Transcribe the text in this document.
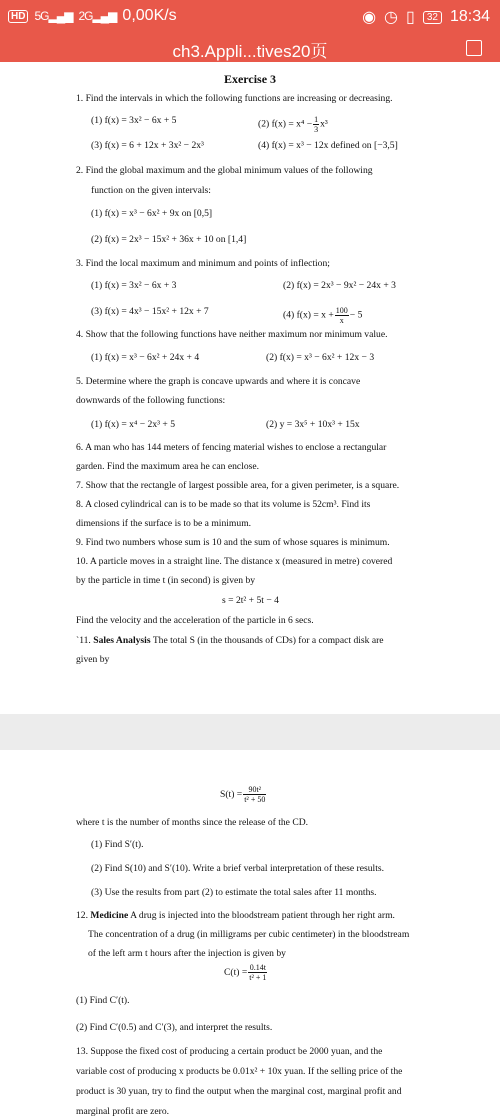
HD 5G▂▄▆ 2G▂▄▆ 0,00K/s	◉ ◷ ▯	32 18:34
ch3.Appli...tives20页
Exercise 3
1. Find the intervals in which the following functions are increasing or decreasing.
(1) f(x) = 3x² − 6x + 5	(2) $f(x) = x^4 - \frac{1}{3} x^3$
(3) f(x) = 6 + 12x + 3x² − 2x³	(4) f(x) = x³ − 12x defined on [−3,5]
2. Find the global maximum and the global minimum values of the following
function on the given intervals:
(1) f(x) = x³ − 6x² + 9x on [0,5]
(2) f(x) = 2x³ − 15x² + 36x + 10 on [1,4]
3. Find the local maximum and minimum and points of inflection;
(1) f(x) = 3x² − 6x + 3	(2) f(x) = 2x³ − 9x² − 24x + 3
(3) f(x) = 4x³ − 15x² + 12x + 7	(4) $f(x) = x + \frac{100}{x} - 5$
4. Show that the following functions have neither maximum nor minimum value.
(1) f(x) = x³ − 6x² + 24x + 4	(2) f(x) = x³ − 6x² + 12x − 3
5. Determine where the graph is concave upwards and where it is concave
downwards of the following functions:
(1) f(x) = x⁴ − 2x³ + 5	(2) y = 3x⁵ + 10x³ + 15x
6. A man who has 144 meters of fencing material wishes to enclose a rectangular
garden. Find the maximum area he can enclose.
7. Show that the rectangle of largest possible area, for a given perimeter, is a square.
8. A closed cylindrical can is to be made so that its volume is 52cm³. Find its
dimensions if the surface is to be a minimum.
9. Find two numbers whose sum is 10 and the sum of whose squares is minimum.
10. A particle moves in a straight line. The distance x (measured in metre) covered
by the particle in time t (in second) is given by
s = 2t² + 5t − 4
Find the velocity and the acceleration of the particle in 6 secs.
`11. Sales Analysis The total S (in the thousands of CDs) for a compact disk are
given by
$S(t) = \frac{\text{90t²}}{\text{t² + 50}}$
where t is the number of months since the release of the CD.
(1) Find S′(t).
(2) Find S(10) and S′(10). Write a brief verbal interpretation of these results.
(3) Use the results from part (2) to estimate the total sales after 11 months.
12. Medicine A drug is injected into the bloodstream patient through her right arm.
The concentration of a drug (in milligrams per cubic centimeter) in the bloodstream
of the left arm t hours after the injection is given by
$C(t) = \frac{0.14t}{\text{t² + 1}}$
(1) Find C′(t).
(2) Find C′(0.5) and C′(3), and interpret the results.
13. Suppose the fixed cost of producing a certain product be 2000 yuan, and the
variable cost of producing x products be 0.01x² + 10x yuan. If the selling price of the
product is 30 yuan, try to find the output when the marginal cost, marginal profit and
marginal profit are zero.
